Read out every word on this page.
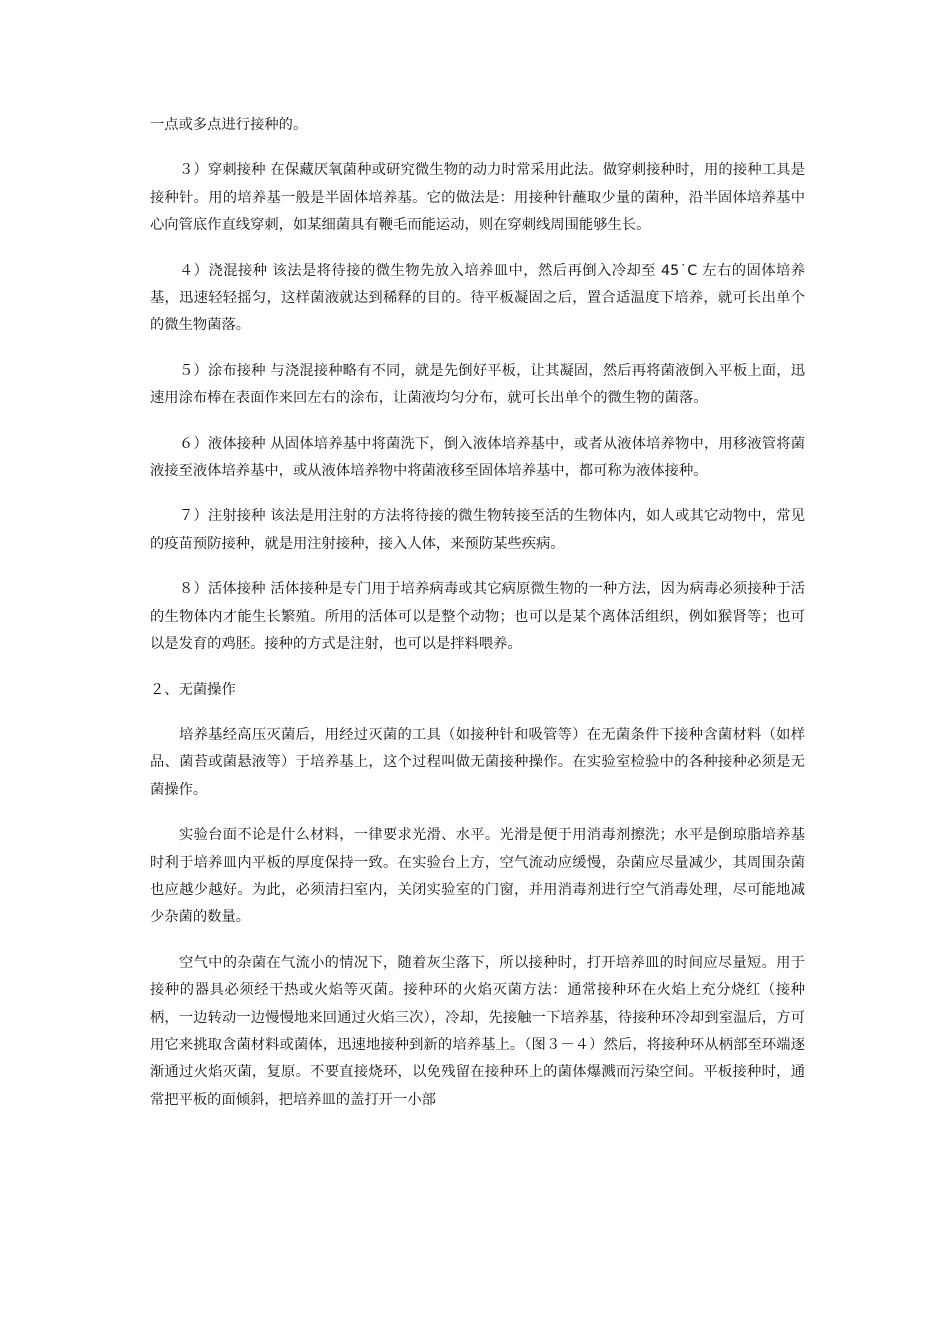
一点或多点进行接种的。

３）穿刺接种 在保藏厌氧菌种或研究微生物的动力时常采用此法。做穿刺接种时，用的接种工具是接种针。用的培养基一般是半固体培养基。它的做法是：用接种针蘸取少量的菌种，沿半固体培养基中心向管底作直线穿刺，如某细菌具有鞭毛而能运动，则在穿刺线周围能够生长。

４）浇混接种 该法是将待接的微生物先放入培养皿中，然后再倒入冷却至 45˙C 左右的固体培养基，迅速轻轻摇匀，这样菌液就达到稀释的目的。待平板凝固之后，置合适温度下培养，就可长出单个的微生物菌落。

５）涂布接种 与浇混接种略有不同，就是先倒好平板，让其凝固，然后再将菌液倒入平板上面，迅速用涂布棒在表面作来回左右的涂布，让菌液均匀分布，就可长出单个的微生物的菌落。

６）液体接种 从固体培养基中将菌洗下，倒入液体培养基中，或者从液体培养物中，用移液管将菌液接至液体培养基中，或从液体培养物中将菌液移至固体培养基中，都可称为液体接种。

７）注射接种 该法是用注射的方法将待接的微生物转接至活的生物体内，如人或其它动物中，常见的疫苗预防接种，就是用注射接种，接入人体，来预防某些疾病。

８）活体接种 活体接种是专门用于培养病毒或其它病原微生物的一种方法，因为病毒必须接种于活的生物体内才能生长繁殖。所用的活体可以是整个动物；也可以是某个离体活组织，例如猴肾等；也可以是发育的鸡胚。接种的方式是注射，也可以是拌料喂养。

２、无菌操作

培养基经高压灭菌后，用经过灭菌的工具（如接种针和吸管等）在无菌条件下接种含菌材料（如样品、菌苔或菌悬液等）于培养基上，这个过程叫做无菌接种操作。在实验室检验中的各种接种必须是无菌操作。

实验台面不论是什么材料，一律要求光滑、水平。光滑是便于用消毒剂擦洗；水平是倒琼脂培养基时利于培养皿内平板的厚度保持一致。在实验台上方，空气流动应缓慢，杂菌应尽量减少，其周围杂菌也应越少越好。为此，必须清扫室内，关闭实验室的门窗，并用消毒剂进行空气消毒处理，尽可能地减少杂菌的数量。

空气中的杂菌在气流小的情况下，随着灰尘落下，所以接种时，打开培养皿的时间应尽量短。用于接种的器具必须经干热或火焰等灭菌。接种环的火焰灭菌方法：通常接种环在火焰上充分烧红（接种柄，一边转动一边慢慢地来回通过火焰三次），冷却，先接触一下培养基，待接种环冷却到室温后，方可用它来挑取含菌材料或菌体，迅速地接种到新的培养基上。（图３－４）然后，将接种环从柄部至环端逐渐通过火焰灭菌，复原。不要直接烧环，以免残留在接种环上的菌体爆溅而污染空间。平板接种时，通常把平板的面倾斜，把培养皿的盖打开一小部
